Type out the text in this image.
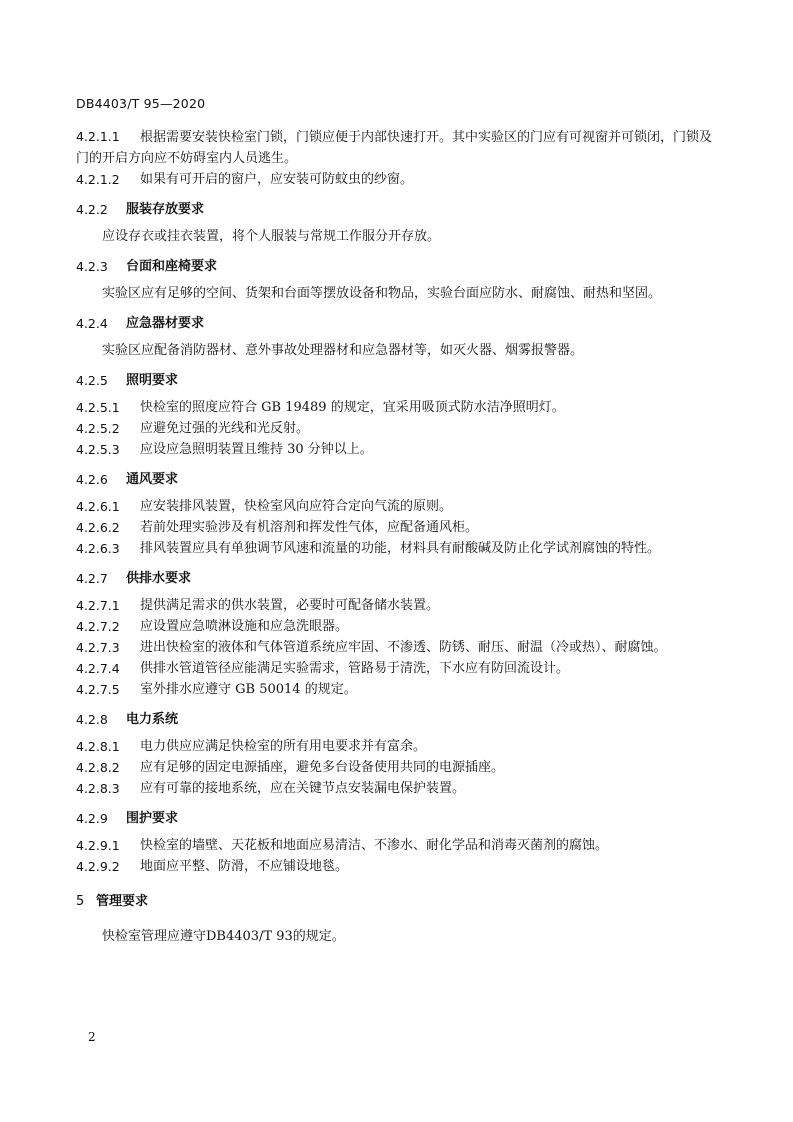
DB4403/T 95—2020
4.2.1.1 根据需要安装快检室门锁，门锁应便于内部快速打开。其中实验区的门应有可视窗并可锁闭，门锁及门的开启方向应不妨碍室内人员逃生。
4.2.1.2	如果有可开启的窗户，应安装可防蚊虫的纱窗。
4.2.2	服装存放要求
应设存衣或挂衣装置，将个人服装与常规工作服分开存放。
4.2.3	台面和座椅要求
实验区应有足够的空间、货架和台面等摆放设备和物品，实验台面应防水、耐腐蚀、耐热和坚固。
4.2.4	应急器材要求
实验区应配备消防器材、意外事故处理器材和应急器材等，如灭火器、烟雾报警器。
4.2.5	照明要求
4.2.5.1	快检室的照度应符合 GB 19489 的规定，宜采用吸顶式防水洁净照明灯。
4.2.5.2	应避免过强的光线和光反射。
4.2.5.3	应设应急照明装置且维持 30 分钟以上。
4.2.6	通风要求
4.2.6.1	应安装排风装置，快检室风向应符合定向气流的原则。
4.2.6.2	若前处理实验涉及有机溶剂和挥发性气体，应配备通风柜。
4.2.6.3	排风装置应具有单独调节风速和流量的功能，材料具有耐酸碱及防止化学试剂腐蚀的特性。
4.2.7	供排水要求
4.2.7.1	提供满足需求的供水装置，必要时可配备储水装置。
4.2.7.2	应设置应急喷淋设施和应急洗眼器。
4.2.7.3	进出快检室的液体和气体管道系统应牢固、不渗透、防锈、耐压、耐温（冷或热）、耐腐蚀。
4.2.7.4	供排水管道管径应能满足实验需求，管路易于清洗，下水应有防回流设计。
4.2.7.5	室外排水应遵守 GB 50014 的规定。
4.2.8	电力系统
4.2.8.1	电力供应应满足快检室的所有用电要求并有富余。
4.2.8.2	应有足够的固定电源插座，避免多台设备使用共同的电源插座。
4.2.8.3	应有可靠的接地系统，应在关键节点安装漏电保护装置。
4.2.9	围护要求
4.2.9.1	快检室的墙壁、天花板和地面应易清洁、不渗水、耐化学品和消毒灭菌剂的腐蚀。
4.2.9.2	地面应平整、防滑，不应铺设地毯。
5 管理要求
快检室管理应遵守DB4403/T 93的规定。
2
